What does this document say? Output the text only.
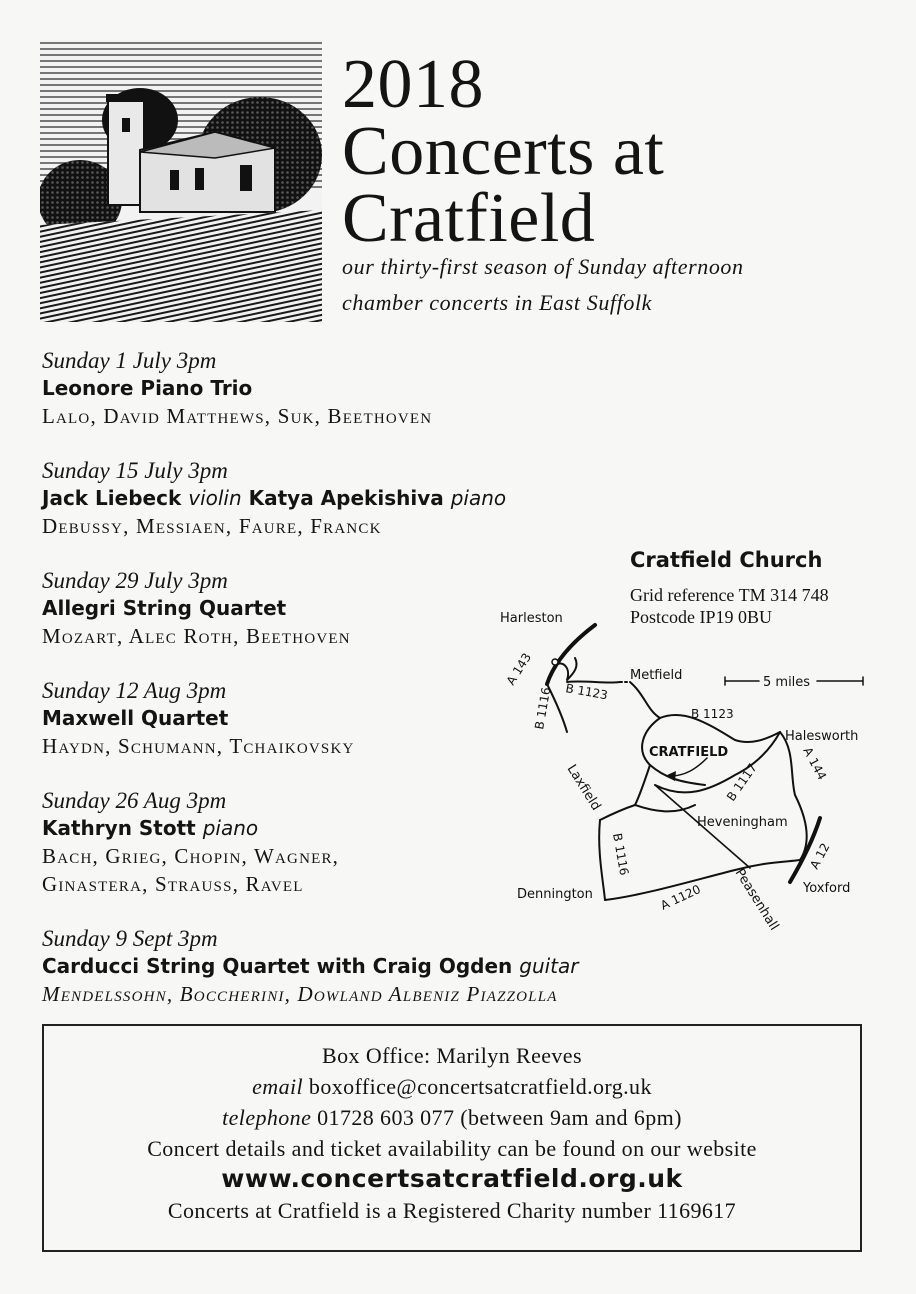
2018
Concerts at
Cratfield
our thirty-first season of Sunday afternoon
chamber concerts in East Suffolk
Sunday 1 July 3pm
Leonore Piano Trio
Lalo, David Matthews, Suk, Beethoven
Sunday 15 July 3pm
Jack Liebeck violin Katya Apekishiva piano
Debussy, Messiaen, Faure, Franck
Sunday 29 July 3pm
Allegri String Quartet
Mozart, Alec Roth, Beethoven
Sunday 12 Aug 3pm
Maxwell Quartet
Haydn, Schumann, Tchaikovsky
Sunday 26 Aug 3pm
Kathryn Stott piano
Bach, Grieg, Chopin, Wagner,
Ginastera, Strauss, Ravel
Sunday 9 Sept 3pm
Carducci String Quartet with Craig Ogden guitar
Mendelssohn, Boccherini, Dowland Albeniz Piazzolla
Cratfield Church
Grid reference TM 314 748
Postcode IP19 0BU
Harleston
Metfield	5 miles
CRATFIELD
Halesworth
Heveningham
Yoxford
Dennington
Laxfield
Peasenhall
A 143
B 1116 B 1123
B 1123
B 1117	A 144
A 12
B 1116
A 1120
Box Office: Marilyn Reeves
email boxoffice@concertsatcratfield.org.uk
telephone 01728 603 077 (between 9am and 6pm)
Concert details and ticket availability can be found on our website
www.concertsatcratfield.org.uk
Concerts at Cratfield is a Registered Charity number 1169617
